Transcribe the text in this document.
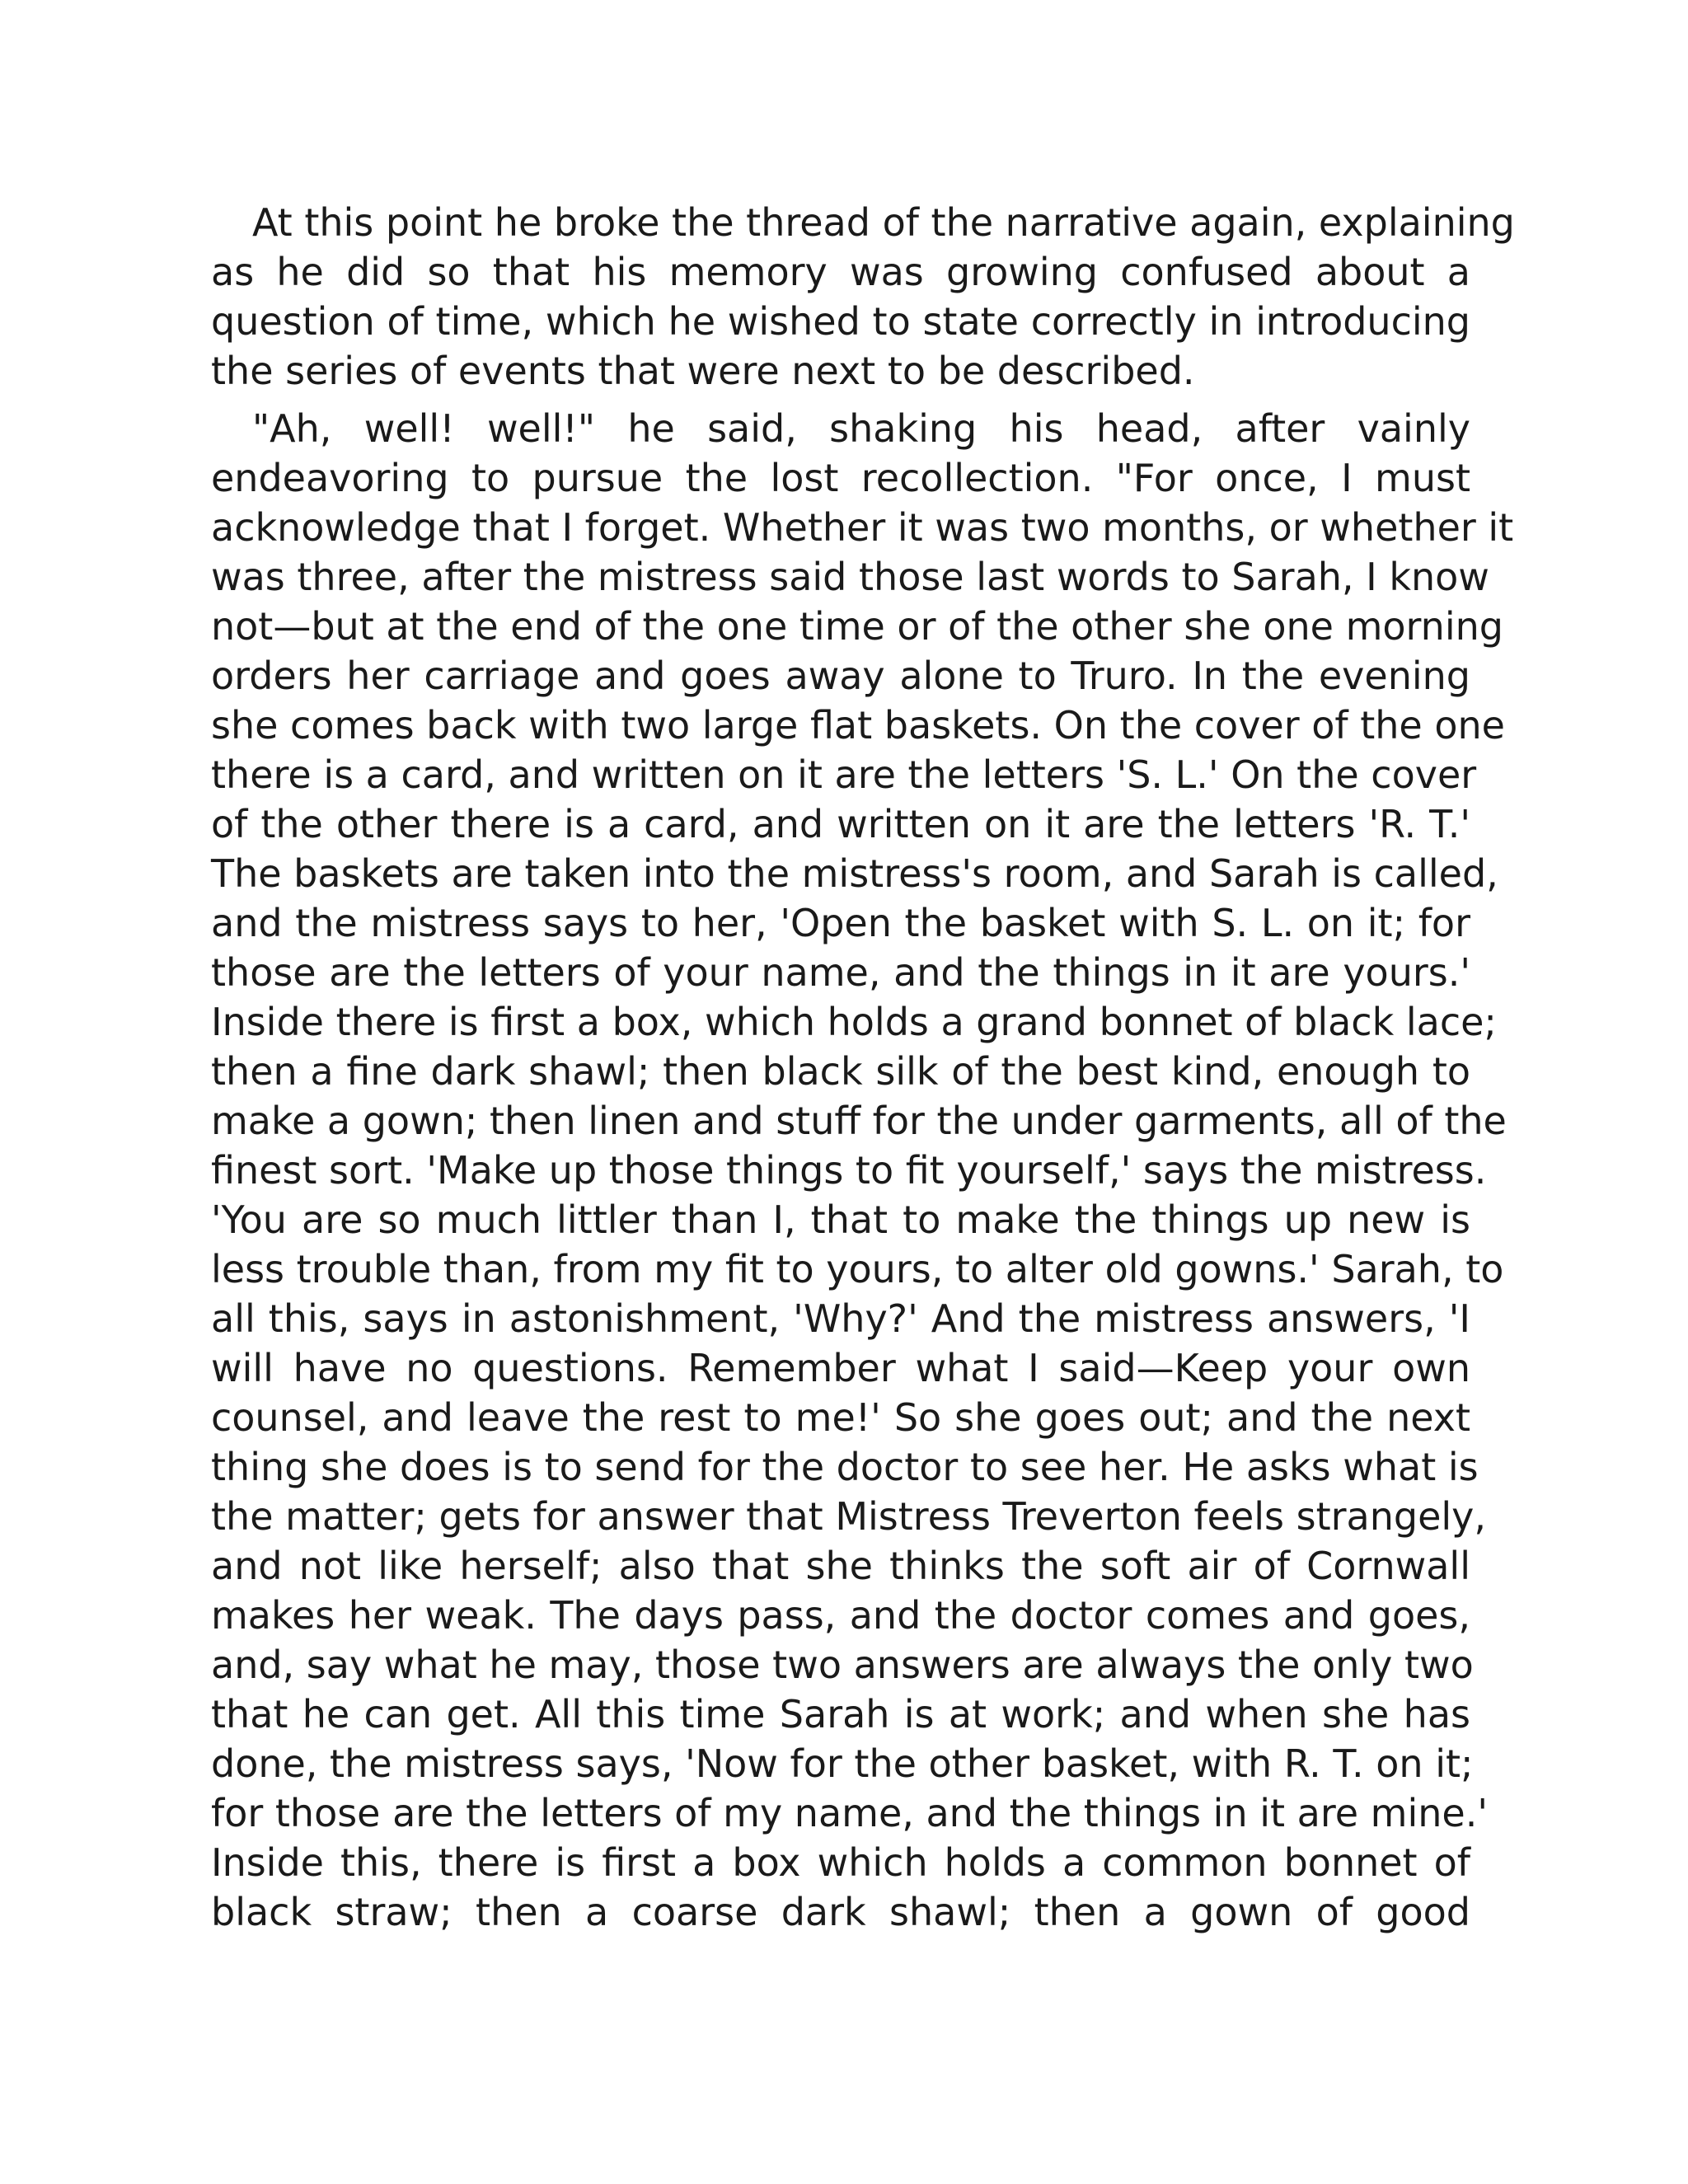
At this point he broke the thread of the narrative again, explaining
as he did so that his memory was growing confused about a
question of time, which he wished to state correctly in introducing
the series of events that were next to be described.
"Ah, well! well!" he said, shaking his head, after vainly
endeavoring to pursue the lost recollection. "For once, I must
acknowledge that I forget. Whether it was two months, or whether it
was three, after the mistress said those last words to Sarah, I know
not—but at the end of the one time or of the other she one morning
orders her carriage and goes away alone to Truro. In the evening
she comes back with two large flat baskets. On the cover of the one
there is a card, and written on it are the letters 'S. L.' On the cover
of the other there is a card, and written on it are the letters 'R. T.'
The baskets are taken into the mistress's room, and Sarah is called,
and the mistress says to her, 'Open the basket with S. L. on it; for
those are the letters of your name, and the things in it are yours.'
Inside there is first a box, which holds a grand bonnet of black lace;
then a fine dark shawl; then black silk of the best kind, enough to
make a gown; then linen and stuff for the under garments, all of the
finest sort. 'Make up those things to fit yourself,' says the mistress.
'You are so much littler than I, that to make the things up new is
less trouble than, from my fit to yours, to alter old gowns.' Sarah, to
all this, says in astonishment, 'Why?' And the mistress answers, 'I
will have no questions. Remember what I said—Keep your own
counsel, and leave the rest to me!' So she goes out; and the next
thing she does is to send for the doctor to see her. He asks what is
the matter; gets for answer that Mistress Treverton feels strangely,
and not like herself; also that she thinks the soft air of Cornwall
makes her weak. The days pass, and the doctor comes and goes,
and, say what he may, those two answers are always the only two
that he can get. All this time Sarah is at work; and when she has
done, the mistress says, 'Now for the other basket, with R. T. on it;
for those are the letters of my name, and the things in it are mine.'
Inside this, there is first a box which holds a common bonnet of
black straw; then a coarse dark shawl; then a gown of good
